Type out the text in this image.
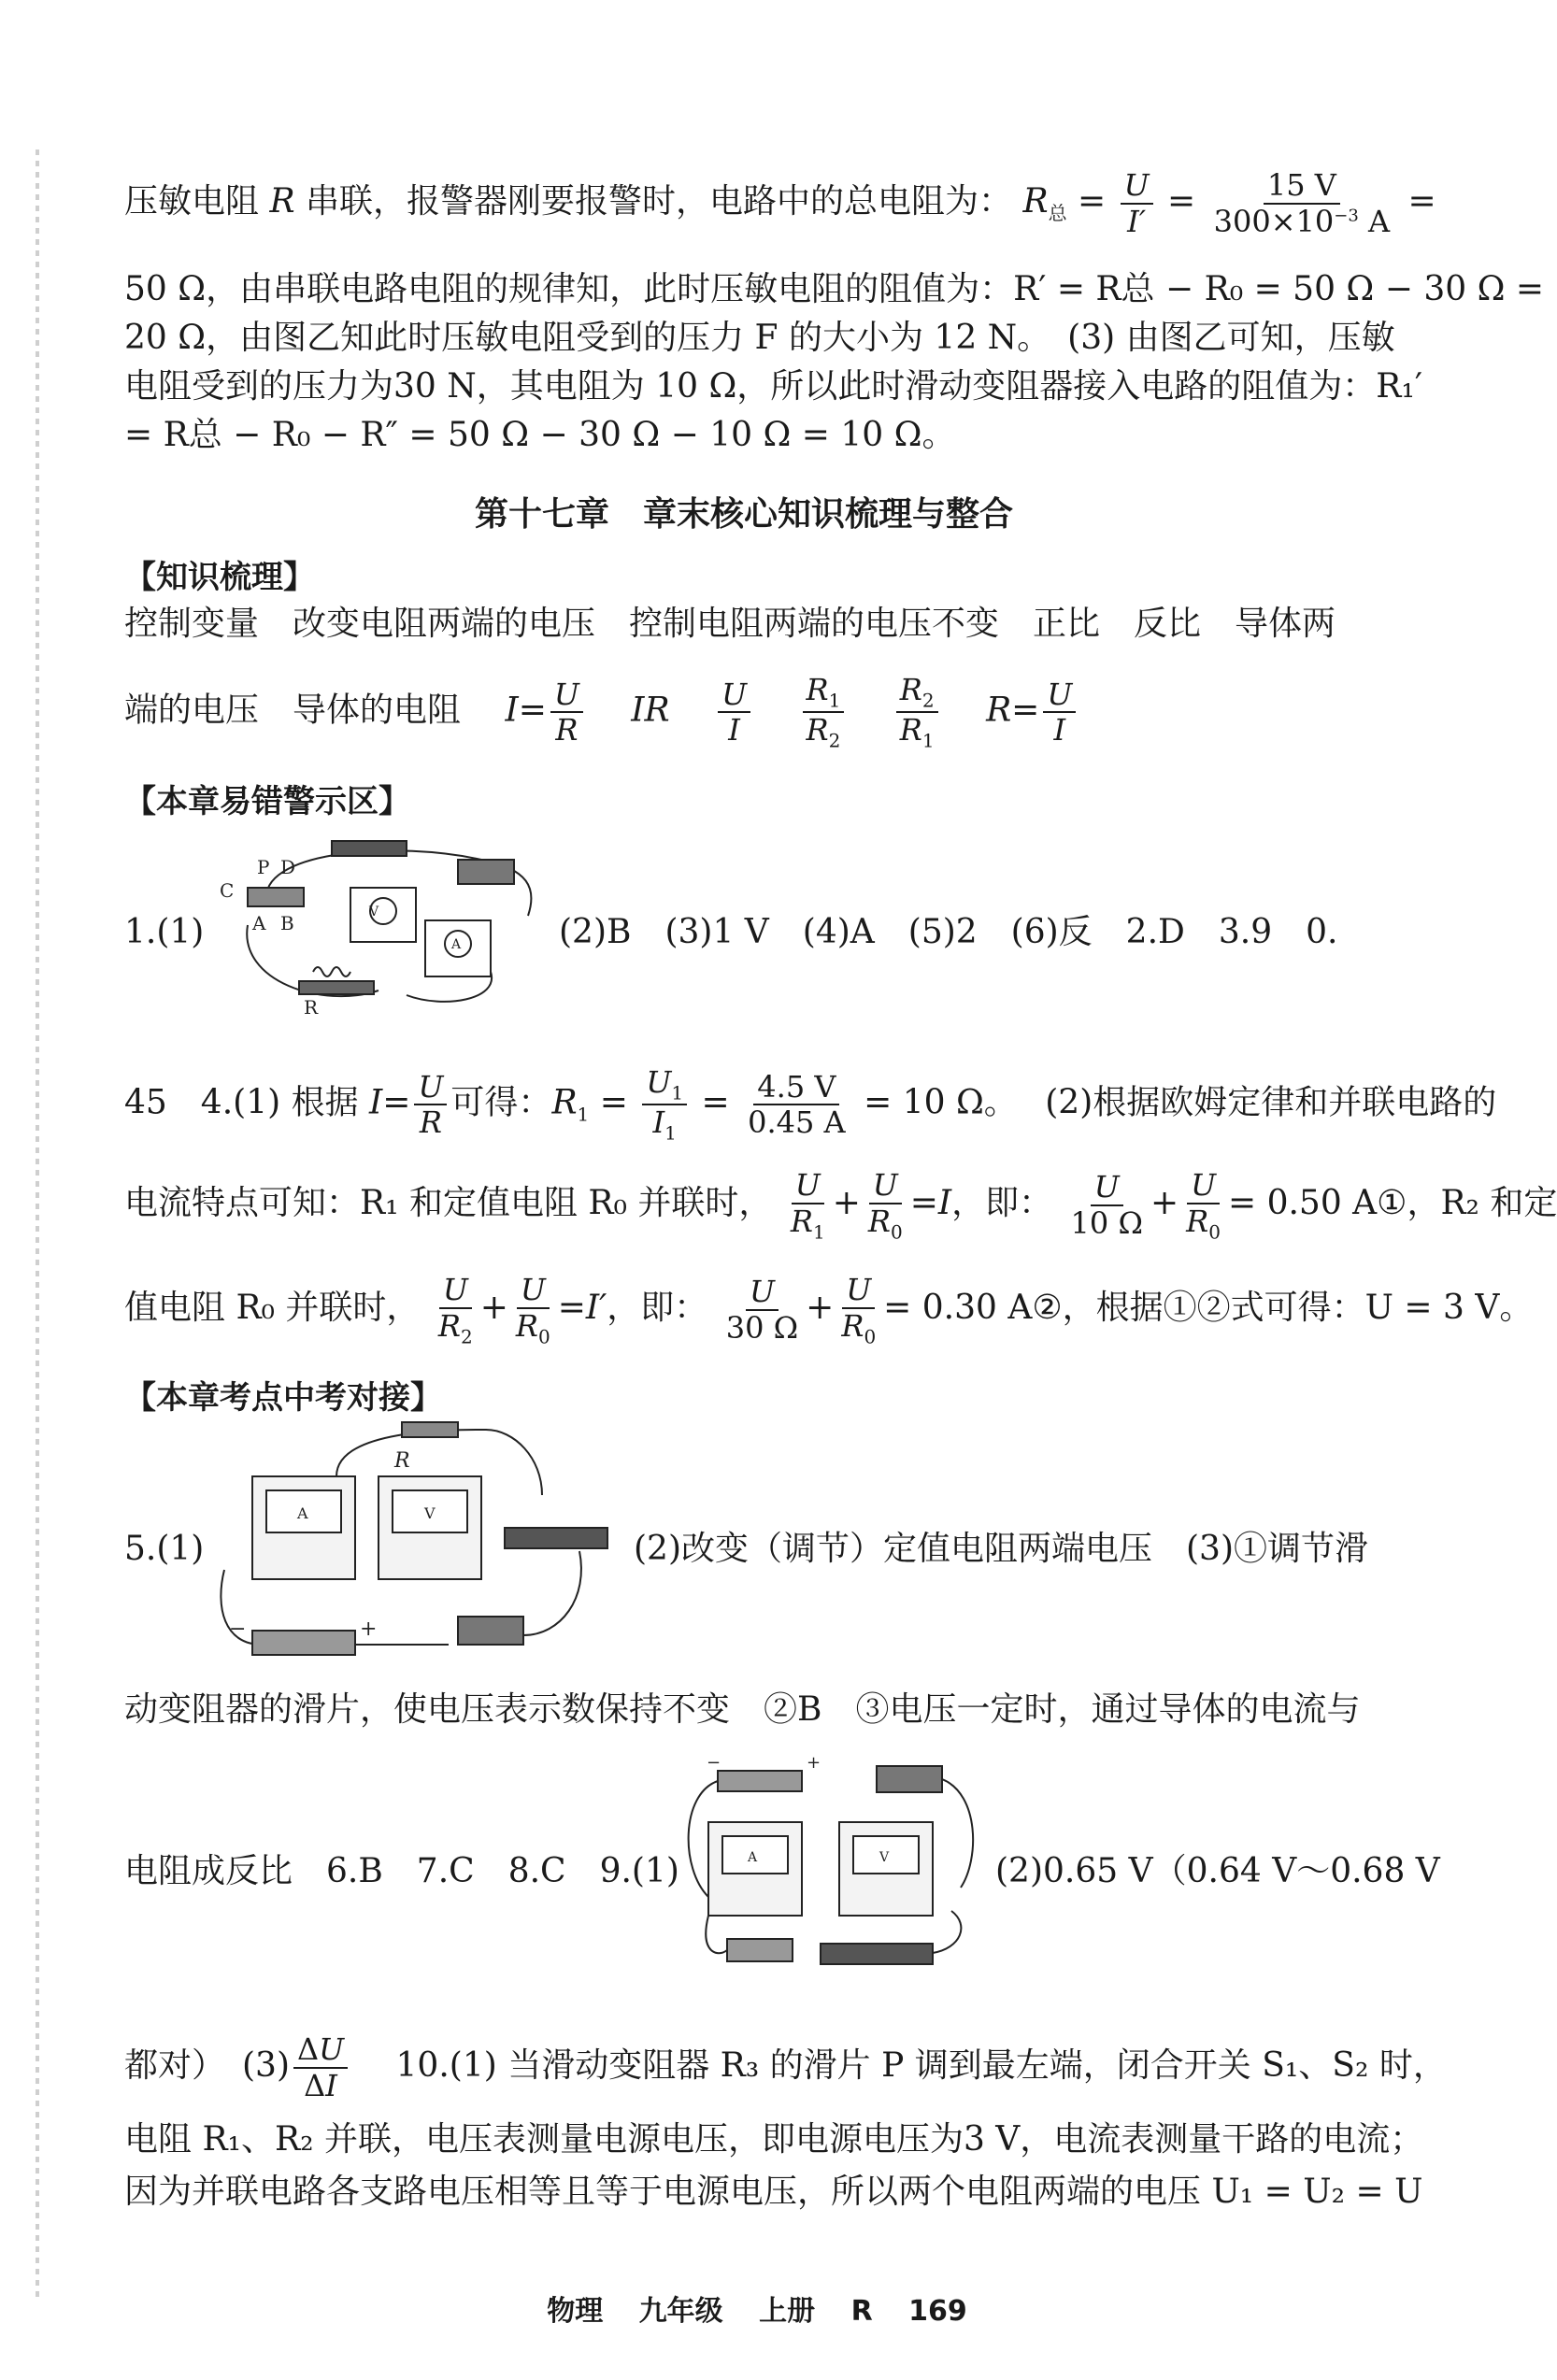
压敏电阻 R 串联，报警器刚要报警时，电路中的总电阻为： $R_总 = \frac{U}{I'} = \frac{15 V}{300\times 10^{-3} A}$ =
50 Ω，由串联电路电阻的规律知，此时压敏电阻的阻值为：R′ = R总 − R₀ = 50 Ω − 30 Ω =
20 Ω，由图乙知此时压敏电阻受到的压力 F 的大小为 12 N。　(3) 由图乙可知，压敏
电阻受到的压力为30 N，其电阻为 10 Ω，所以此时滑动变阻器接入电路的阻值为：R₁′
= R总 − R₀ − R″ = 50 Ω − 30 Ω − 10 Ω = 10 Ω。
第十七章　章末核心知识梳理与整合
【知识梳理】
控制变量　改变电阻两端的电压　控制电阻两端的电压不变　正比　反比　导体两
端的电压　导体的电阻　 $I= \frac{U}{R}$
　 IR　 $\frac{U}{I}$
　 $\frac{R_1}{R_2}$
　 $\frac{R_2}{R_1}$
　 $R= \frac{U}{I}$
【本章易错警示区】
1.(1)
C
P D
A B	V
A
R
(2)B　(3)1 V　(4)A　(5)2　(6)反　2.D　3.9　0.
45　4.(1) 根据 $I= \frac{U}{R}$ 可得：$R_1 = \frac{U_1}{I_1} = \frac{4.5 V}{0.45 A} = 10$ Ω。　 (2)根据欧姆定律和并联电路的
电流特点可知：R₁ 和定值电阻 R₀ 并联时， $\frac{U}{R_1} + \frac{U}{R_0} =I$，即： $\frac{U}{10 \Omega} + \frac{U}{R_0} = 0.50$ A①，R₂ 和定
值电阻 R₀ 并联时， $\frac{U}{R_2} + \frac{U}{R_0} =I'$，即： $\frac{U}{30 \Omega} + \frac{U}{R_0} = 0.30$ A②，根据①②式可得：U = 3 V。
【本章考点中考对接】
5.(1)
R
A	V
−	+
(2)改变（调节）定值电阻两端电压　(3)①调节滑
动变阻器的滑片，使电压表示数保持不变　②B　③电压一定时，通过导体的电流与
电阻成反比　6.B　7.C　8.C　9.(1)
−	+
A	V	(2)0.65 V（0.64 V～0.68 V
都对）　$(3) \frac{\Delta U}{\Delta I}$
　 10.(1) 当滑动变阻器 R₃ 的滑片 P 调到最左端，闭合开关 S₁、S₂ 时，
电阻 R₁、R₂ 并联，电压表测量电源电压，即电源电压为3 V，电流表测量干路的电流；
因为并联电路各支路电压相等且等于电源电压，所以两个电阻两端的电压 U₁ = U₂ = U
物理 九年级 上册 R 169
